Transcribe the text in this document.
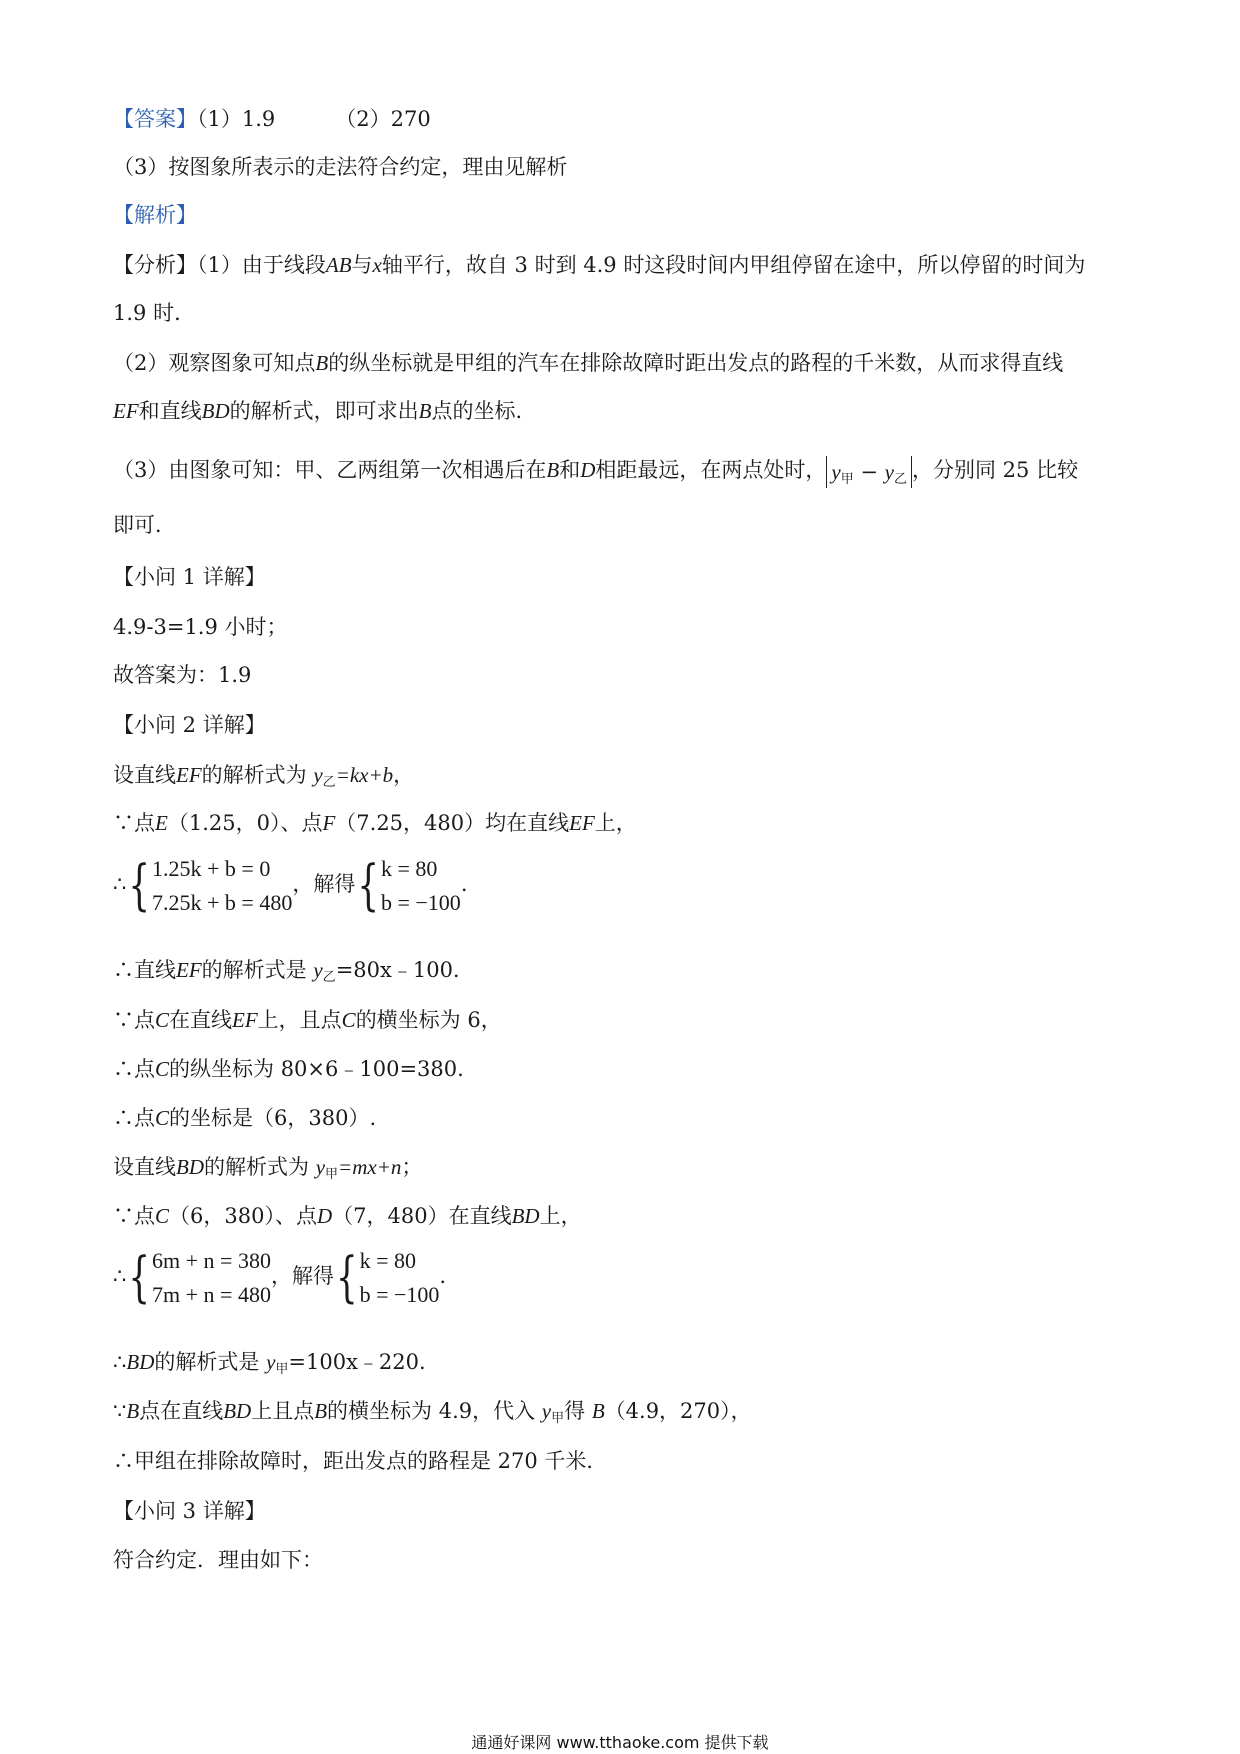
【答案】（1）1.9	（2）270
（3）按图象所表示的走法符合约定，理由见解析
【解析】
【分析】（1）由于线段AB与x轴平行，故自 3 时到 4.9 时这段时间内甲组停留在途中，所以停留的时间为
1.9 时．
（2）观察图象可知点B的纵坐标就是甲组的汽车在排除故障时距出发点的路程的千米数，从而求得直线
EF和直线BD的解析式，即可求出B点的坐标．
（3）由图象可知：甲、乙两组第一次相遇后在B和D相距最远，在两点处时， y甲 − y乙 ，分别同 25 比较
即可．
【小问 1 详解】
4.9-3=1.9 小时；
故答案为：1.9
【小问 2 详解】
设直线EF的解析式为 y乙=kx+b，
∵点E（1.25，0）、点F（7.25，480）均在直线EF上，
∴{ 1.25k + b = 0
7.25k + b = 480
，解得{ k = 80
b = −100
.
∴直线EF的解析式是 y乙=80x﹣100.
∵点C在直线EF上，且点C的横坐标为 6，
∴点C的纵坐标为 80×6﹣100=380.
∴点C的坐标是（6，380）.
设直线BD的解析式为 y甲=mx+n；
∵点C（6，380）、点D（7，480）在直线BD上，
∴{ 6m + n = 380
7m + n = 480
，解得{ k = 80
b = −100
.
∴BD的解析式是 y甲=100x﹣220.
∵B点在直线BD上且点B的横坐标为 4.9，代入 y甲得 B（4.9，270），
∴甲组在排除故障时，距出发点的路程是 270 千米．
【小问 3 详解】
符合约定．理由如下：
通通好课网 www.tthaoke.com 提供下载
